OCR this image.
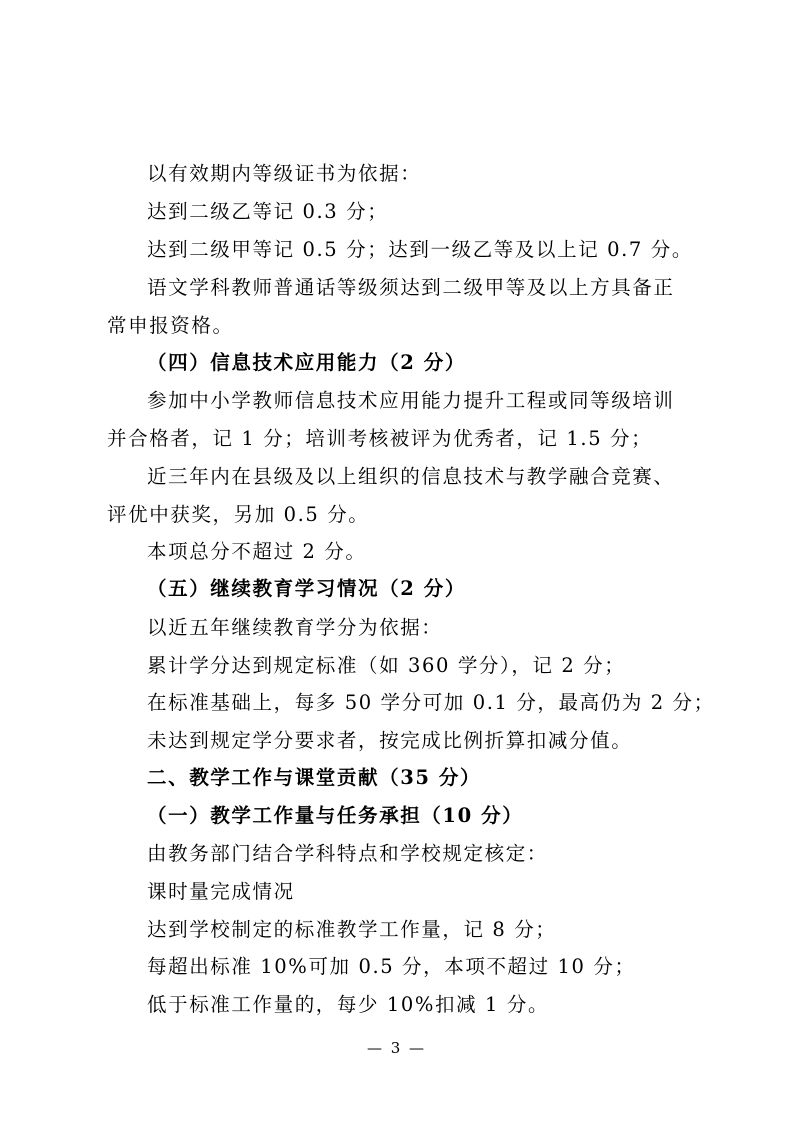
以有效期内等级证书为依据：
达到二级乙等记 0.3 分；
达到二级甲等记 0.5 分；达到一级乙等及以上记 0.7 分。
语文学科教师普通话等级须达到二级甲等及以上方具备正
常申报资格。
（四）信息技术应用能力（2 分）
参加中小学教师信息技术应用能力提升工程或同等级培训
并合格者，记 1 分；培训考核被评为优秀者，记 1.5 分；
近三年内在县级及以上组织的信息技术与教学融合竞赛、
评优中获奖，另加 0.5 分。
本项总分不超过 2 分。
（五）继续教育学习情况（2 分）
以近五年继续教育学分为依据：
累计学分达到规定标准（如 360 学分），记 2 分；
在标准基础上，每多 50 学分可加 0.1 分，最高仍为 2 分；
未达到规定学分要求者，按完成比例折算扣减分值。
二、教学工作与课堂贡献（35 分）
（一）教学工作量与任务承担（10 分）
由教务部门结合学科特点和学校规定核定：
课时量完成情况
达到学校制定的标准教学工作量，记 8 分；
每超出标准 10%可加 0.5 分，本项不超过 10 分；
低于标准工作量的，每少 10%扣减 1 分。
— 3 —
